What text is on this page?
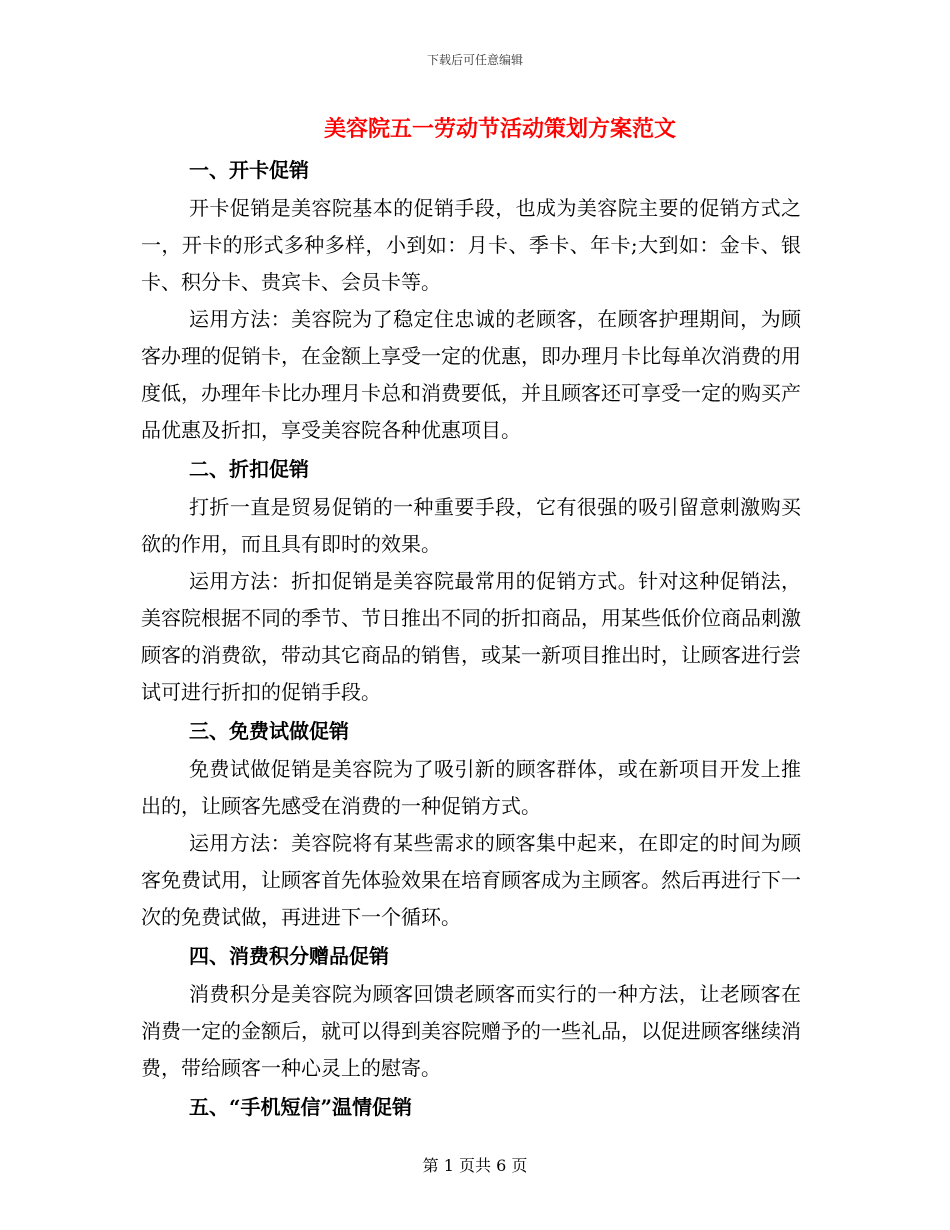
下载后可任意编辑
美容院五一劳动节活动策划方案范文

一、开卡促销

开卡促销是美容院基本的促销手段，也成为美容院主要的促销方式之一，开卡的形式多种多样，小到如：月卡、季卡、年卡;大到如：金卡、银卡、积分卡、贵宾卡、会员卡等。

运用方法：美容院为了稳定住忠诚的老顾客，在顾客护理期间，为顾客办理的促销卡，在金额上享受一定的优惠，即办理月卡比每单次消费的用度低，办理年卡比办理月卡总和消费要低，并且顾客还可享受一定的购买产品优惠及折扣，享受美容院各种优惠项目。

二、折扣促销

打折一直是贸易促销的一种重要手段，它有很强的吸引留意刺激购买欲的作用，而且具有即时的效果。

运用方法：折扣促销是美容院最常用的促销方式。针对这种促销法，美容院根据不同的季节、节日推出不同的折扣商品，用某些低价位商品刺激顾客的消费欲，带动其它商品的销售，或某一新项目推出时，让顾客进行尝试可进行折扣的促销手段。

三、免费试做促销

免费试做促销是美容院为了吸引新的顾客群体，或在新项目开发上推出的，让顾客先感受在消费的一种促销方式。

运用方法：美容院将有某些需求的顾客集中起来，在即定的时间为顾客免费试用，让顾客首先体验效果在培育顾客成为主顾客。然后再进行下一次的免费试做，再进进下一个循环。

四、消费积分赠品促销

消费积分是美容院为顾客回馈老顾客而实行的一种方法，让老顾客在消费一定的金额后，就可以得到美容院赠予的一些礼品，以促进顾客继续消费，带给顾客一种心灵上的慰寄。

五、“手机短信”温情促销

第 1 页共 6 页
